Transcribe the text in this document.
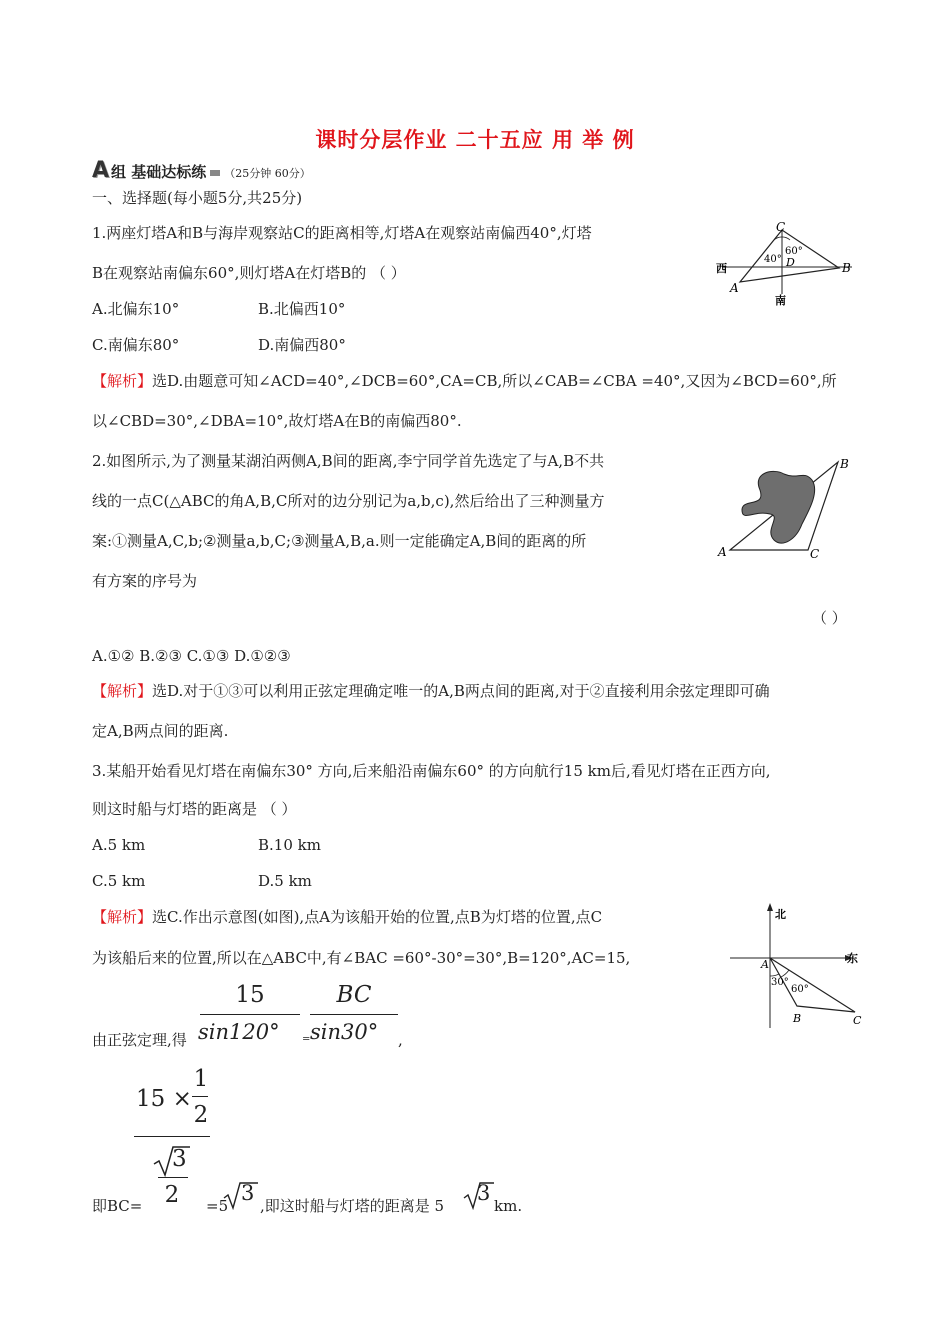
课时分层作业 二十五应 用 举 例
A 组 基础达标练 （25分钟 60分）
一、选择题(每小题5分,共25分)
1.两座灯塔A和B与海岸观察站C的距离相等,灯塔A在观察站南偏西40°,灯塔
B在观察站南偏东60°,则灯塔A在灯塔B的 （ ）
A.北偏东10°	B.北偏西10°
C.南偏东80°	D.南偏西80°
【解析】选D.由题意可知∠ACD=40°,∠DCB=60°,CA=CB,所以∠CAB=∠CBA =40°,又因为∠BCD=60°,所
以∠CBD=30°,∠DBA=10°,故灯塔A在B的南偏西80°.
C
A
B
D
西
南
40°
60°
2.如图所示,为了测量某湖泊两侧A,B间的距离,李宁同学首先选定了与A,B不共
线的一点C(△ABC的角A,B,C所对的边分别记为a,b,c),然后给出了三种测量方
案:①测量A,C,b;②测量a,b,C;③测量A,B,a.则一定能确定A,B间的距离的所
有方案的序号为
（ ）
A.①② B.②③ C.①③ D.①②③
【解析】选D.对于①③可以利用正弦定理确定唯一的A,B两点间的距离,对于②直接利用余弦定理即可确
定A,B两点间的距离.
A
B
C
3.某船开始看见灯塔在南偏东30° 方向,后来船沿南偏东60° 的方向航行15 km后,看见灯塔在正西方向,
则这时船与灯塔的距离是 （ ）
A.5 km	B.10 km
C.5 km	D.5 km
【解析】选C.作出示意图(如图),点A为该船开始的位置,点B为灯塔的位置,点C
为该船后来的位置,所以在△ABC中,有∠BAC =60°-30°=30°,B=120°,AC=15,
由正弦定理,得
15
sin120° =
BC
sin30° ,
15 ×
1
2
3
2
即BC=	=5
3
,即这时船与灯塔的距离是 5
3
km.
北
东
A
B	C
30°
60°
